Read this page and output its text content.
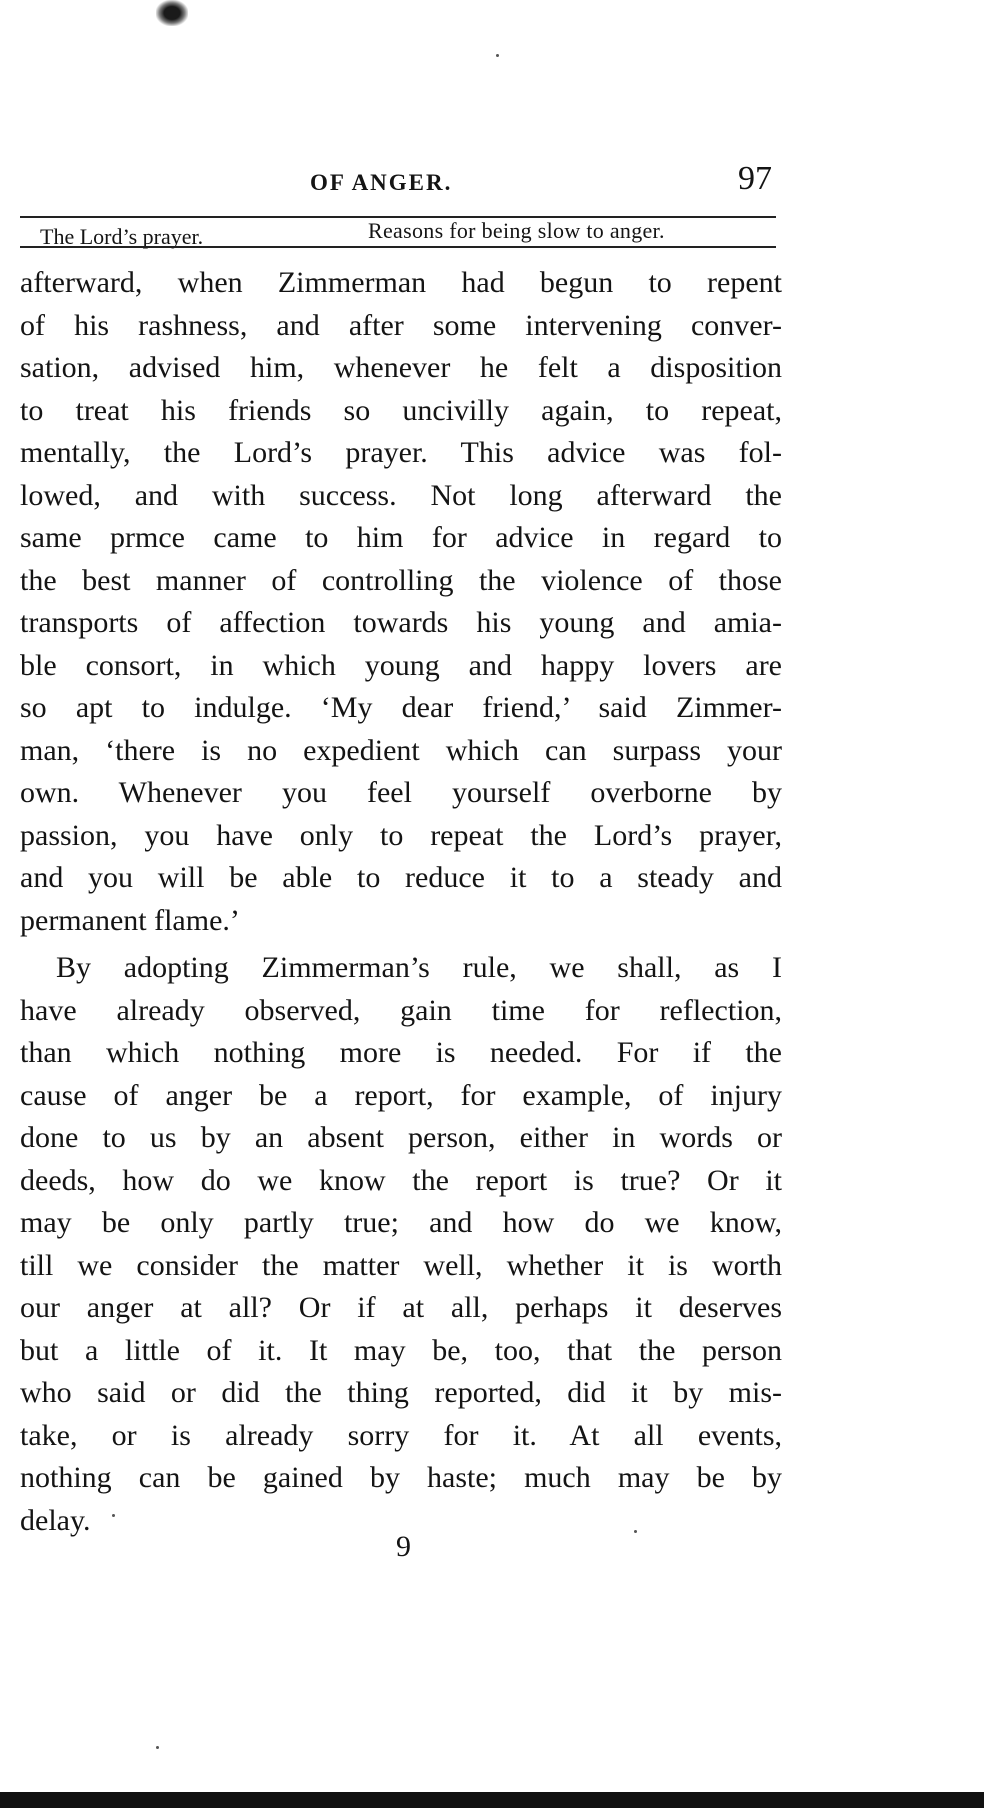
OF ANGER.	97
The Lord’s prayer.	Reasons for being slow to anger.
afterward, when Zimmerman had begun to repent
of his rashness, and after some intervening conver-
sation, advised him, whenever he felt a disposition
to treat his friends so uncivilly again, to repeat,
mentally, the Lord’s prayer. This advice was fol-
lowed, and with success. Not long afterward the
same prmce came to him for advice in regard to
the best manner of controlling the violence of those
transports of affection towards his young and amia-
ble consort, in which young and happy lovers are
so apt to indulge. ‘My dear friend,’ said Zimmer-
man, ‘there is no expedient which can surpass your
own. Whenever you feel yourself overborne by
passion, you have only to repeat the Lord’s prayer,
and you will be able to reduce it to a steady and
permanent flame.’
By adopting Zimmerman’s rule, we shall, as I
have already observed, gain time for reflection,
than which nothing more is needed. For if the
cause of anger be a report, for example, of injury
done to us by an absent person, either in words or
deeds, how do we know the report is true? Or it
may be only partly true; and how do we know,
till we consider the matter well, whether it is worth
our anger at all? Or if at all, perhaps it deserves
but a little of it. It may be, too, that the person
who said or did the thing reported, did it by mis-
take, or is already sorry for it. At all events,
nothing can be gained by haste; much may be by
delay.
9
